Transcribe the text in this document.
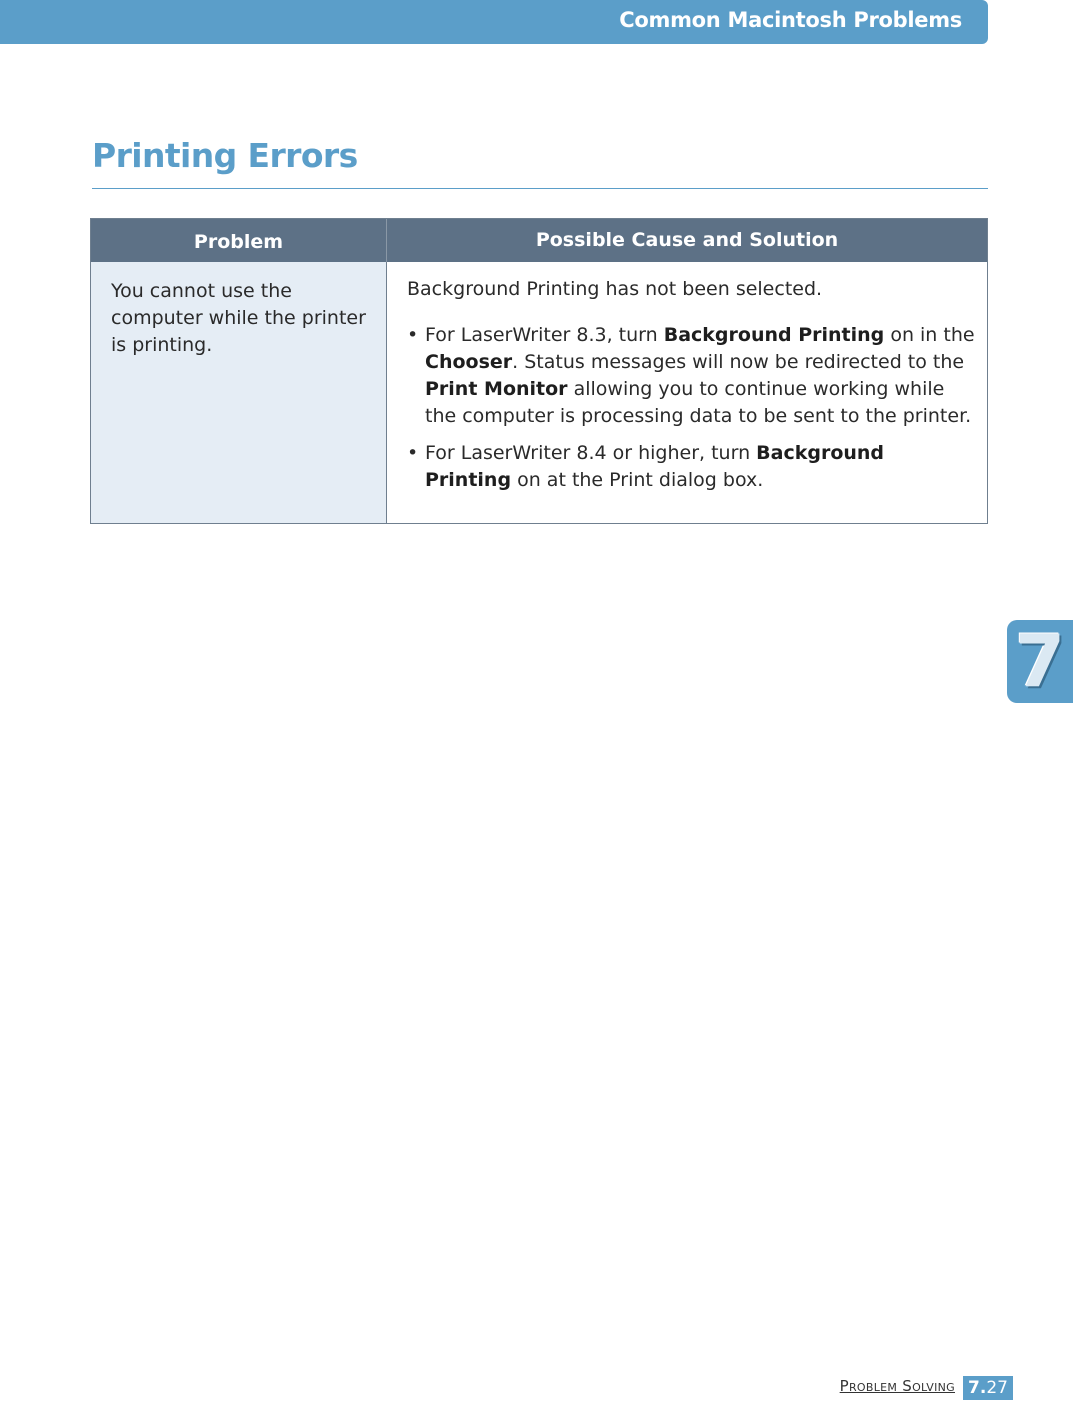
Common Macintosh Problems
Printing Errors
Problem	Possible Cause and Solution
You cannot use the computer while the printer is printing.

Background Printing has not been selected.

• For LaserWriter 8.3, turn Background Printing on in the Chooser. Status messages will now be redirected to the Print Monitor allowing you to continue working while the computer is processing data to be sent to the printer.

• For LaserWriter 8.4 or higher, turn Background Printing on at the Print dialog box.

7
Problem Solving 7.27
